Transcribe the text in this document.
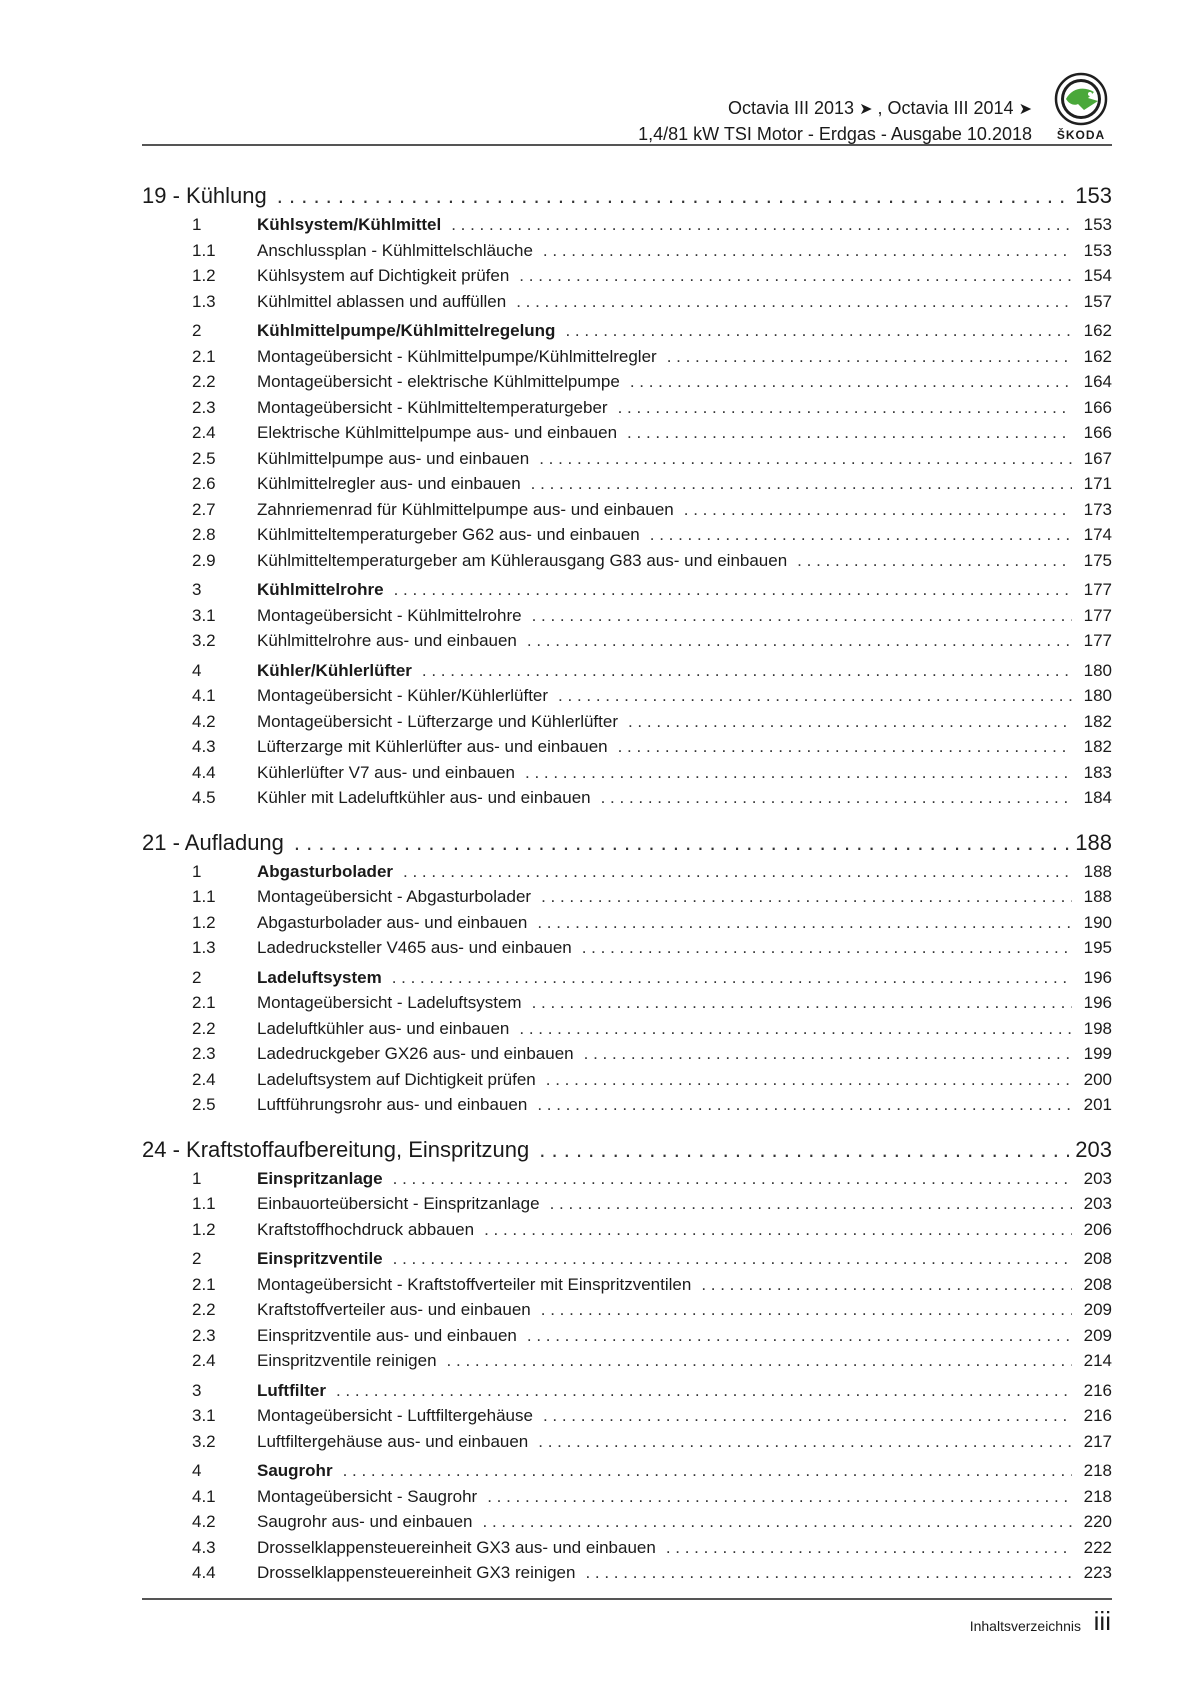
Octavia III 2013 ➤ , Octavia III 2014 ➤
1,4/81 kW TSI Motor - Erdgas - Ausgabe 10.2018	ŠKODA
19 - Kühlung . . .	153
1	Kühlsystem/Kühlmittel . . .	153
1.1	Anschlussplan - Kühlmittelschläuche . . .	153
1.2	Kühlsystem auf Dichtigkeit prüfen . . .	154
1.3	Kühlmittel ablassen und auffüllen . . .	157
2	Kühlmittelpumpe/Kühlmittelregelung . . .	162
2.1	Montageübersicht - Kühlmittelpumpe/Kühlmittelregler . . .	162
2.2	Montageübersicht - elektrische Kühlmittelpumpe . . .	164
2.3	Montageübersicht - Kühlmitteltemperaturgeber . . .	166
2.4	Elektrische Kühlmittelpumpe aus- und einbauen . . .	166
2.5	Kühlmittelpumpe aus- und einbauen . . .	167
2.6	Kühlmittelregler aus- und einbauen . . .	171
2.7	Zahnriemenrad für Kühlmittelpumpe aus- und einbauen . . .	173
2.8	Kühlmitteltemperaturgeber G62 aus- und einbauen . . .	174
2.9	Kühlmitteltemperaturgeber am Kühlerausgang G83 aus- und einbauen . . .	175
3	Kühlmittelrohre . . .	177
3.1	Montageübersicht - Kühlmittelrohre . . .	177
3.2	Kühlmittelrohre aus- und einbauen . . .	177
4	Kühler/Kühlerlüfter . . .	180
4.1	Montageübersicht - Kühler/Kühlerlüfter . . .	180
4.2	Montageübersicht - Lüfterzarge und Kühlerlüfter . . .	182
4.3	Lüfterzarge mit Kühlerlüfter aus- und einbauen . . .	182
4.4	Kühlerlüfter V7 aus- und einbauen . . .	183
4.5	Kühler mit Ladeluftkühler aus- und einbauen . . .	184
21 - Aufladung . . .	188
1	Abgasturbolader . . .	188
1.1	Montageübersicht - Abgasturbolader . . .	188
1.2	Abgasturbolader aus- und einbauen . . .	190
1.3	Ladedrucksteller V465 aus- und einbauen . . .	195
2	Ladeluftsystem . . .	196
2.1	Montageübersicht - Ladeluftsystem . . .	196
2.2	Ladeluftkühler aus- und einbauen . . .	198
2.3	Ladedruckgeber GX26 aus- und einbauen . . .	199
2.4	Ladeluftsystem auf Dichtigkeit prüfen . . .	200
2.5	Luftführungsrohr aus- und einbauen . . .	201
24 - Kraftstoffaufbereitung, Einspritzung . . .	203
1	Einspritzanlage . . .	203
1.1	Einbauorteübersicht - Einspritzanlage . . .	203
1.2	Kraftstoffhochdruck abbauen . . .	206
2	Einspritzventile . . .	208
2.1	Montageübersicht - Kraftstoffverteiler mit Einspritzventilen . . .	208
2.2	Kraftstoffverteiler aus- und einbauen . . .	209
2.3	Einspritzventile aus- und einbauen . . .	209
2.4	Einspritzventile reinigen . . .	214
3	Luftfilter . . .	216
3.1	Montageübersicht - Luftfiltergehäuse . . .	216
3.2	Luftfiltergehäuse aus- und einbauen . . .	217
4	Saugrohr . . .	218
4.1	Montageübersicht - Saugrohr . . .	218
4.2	Saugrohr aus- und einbauen . . .	220
4.3	Drosselklappensteuereinheit GX3 aus- und einbauen . . .	222
4.4	Drosselklappensteuereinheit GX3 reinigen . . .	223
Inhaltsverzeichnis iii
